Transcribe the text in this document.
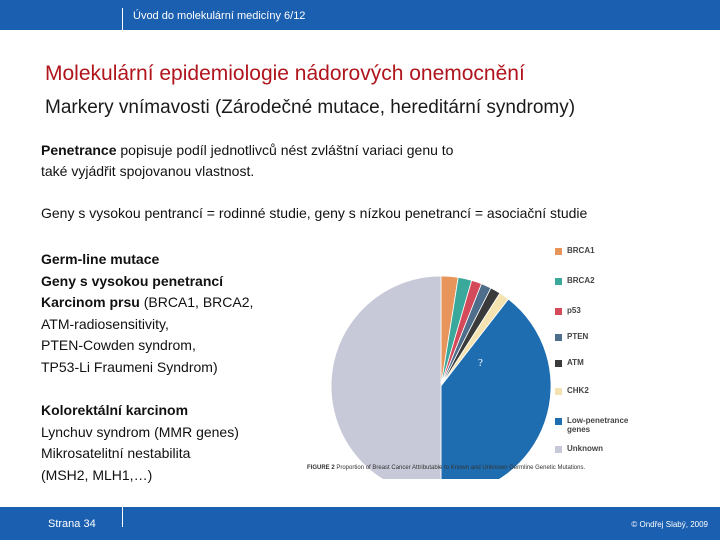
Úvod do molekulární medicíny 6/12
Molekulární epidemiologie nádorových onemocnění
Markery vnímavosti (Zárodečné mutace, hereditární syndromy)
Penetrance popisuje podíl jednotlivců nést zvláštní variaci genu to také vyjádřit spojovanou vlastnost.
Geny s vysokou pentrancí = rodinné studie, geny s nízkou penetrancí = asociační studie
Germ-line mutace
Geny s vysokou penetrancí
Karcinom prsu (BRCA1, BRCA2,
ATM-radiosensitivity,
PTEN-Cowden syndrom,
TP53-Li Fraumeni Syndrom)
Kolorektální karcinom
Lynchuv syndrom (MMR genes)
Mikrosatelitní nestabilita
(MSH2, MLH1,…)
?
BRCA1
BRCA2
p53
PTEN
ATM
CHK2
Low-penetrance genes
Unknown
FIGURE 2 Proportion of Breast Cancer Attributable to Known and Unknown Germline Genetic Mutations.
Strana 34	© Ondřej Slabý, 2009
